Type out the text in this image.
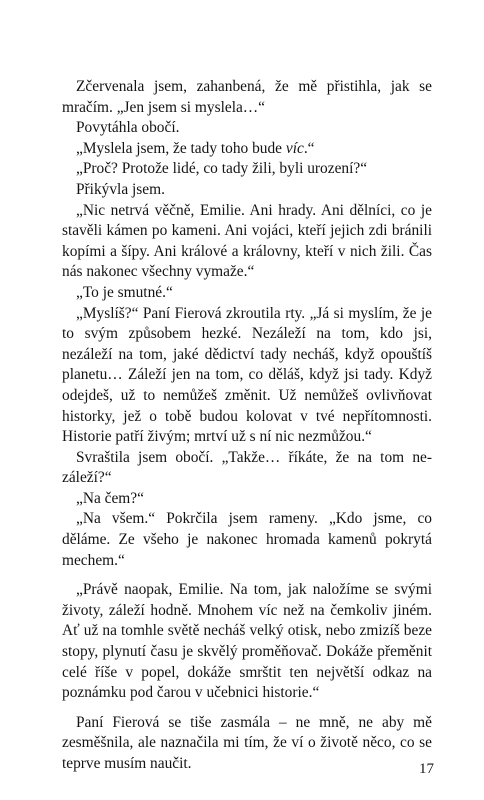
Zčervenala jsem, zahanbená, že mě přistihla, jak se mračím. „Jen jsem si myslela…“

Povytáhla obočí.

„Myslela jsem, že tady toho bude víc.“

„Proč? Protože lidé, co tady žili, byli urození?“

Přikývla jsem.

„Nic netrvá věčně, Emilie. Ani hrady. Ani dělníci, co je stavěli kámen po kameni. Ani vojáci, kteří jejich zdi bránili kopími a šípy. Ani králové a královny, kteří v nich žili. Čas nás nakonec všechny vymaže.“

„To je smutné.“

„Myslíš?“ Paní Fierová zkroutila rty. „Já si myslím, že je to svým způsobem hezké. Nezáleží na tom, kdo jsi, nezáleží na tom, jaké dědictví tady necháš, když opouštíš planetu… Záleží jen na tom, co děláš, když jsi tady. Když odejdeš, už to nemůžeš změnit. Už nemůžeš ovlivňovat historky, jež o tobě budou kolovat v tvé nepřítomnosti. Historie patří živým; mrtví už s ní nic nezmůžou.“

Svraštila jsem obočí. „Takže… říkáte, že na tom nezáleží?“

„Na čem?“

„Na všem.“ Pokrčila jsem rameny. „Kdo jsme, co děláme. Ze všeho je nakonec hromada kamenů pokrytá mechem.“

„Právě naopak, Emilie. Na tom, jak naložíme se svými životy, záleží hodně. Mnohem víc než na čemkoliv jiném. Ať už na tomhle světě necháš velký otisk, nebo zmizíš beze stopy, plynutí času je skvělý proměňovač. Dokáže přeměnit celé říše v popel, dokáže smrštit ten největší odkaz na poznámku pod čarou v učebnici historie.“

Paní Fierová se tiše zasmála – ne mně, ne aby mě zesměšnila, ale naznačila mi tím, že ví o životě něco, co se teprve musím naučit.	17
